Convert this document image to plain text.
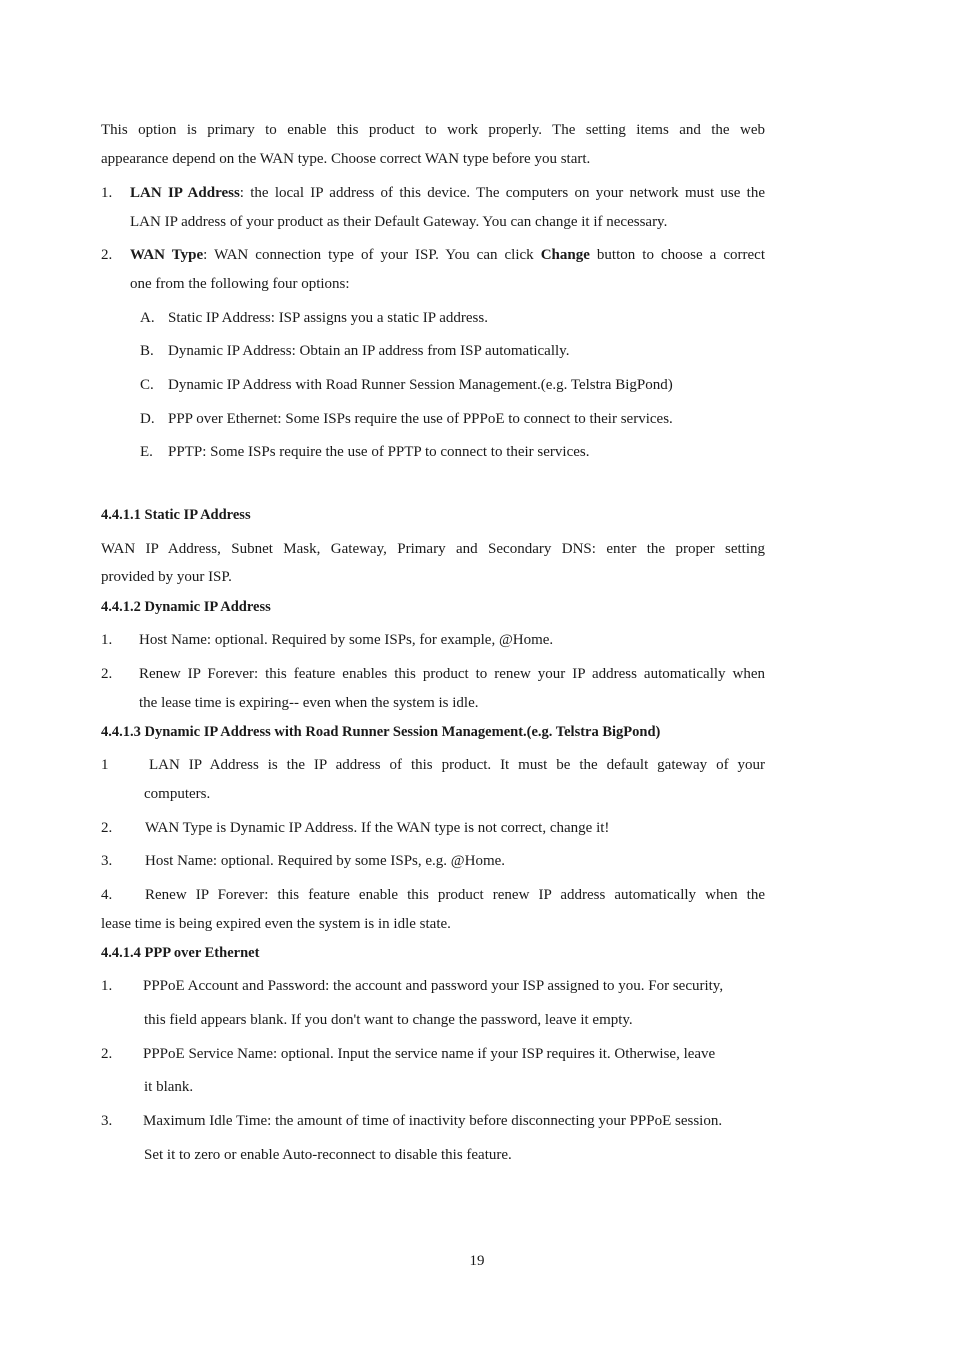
This option is primary to enable this product to work properly. The setting items and the web
appearance depend on the WAN type. Choose correct WAN type before you start.
1. LAN IP Address: the local IP address of this device. The computers on your network must use the
LAN IP address of your product as their Default Gateway. You can change it if necessary.
2. WAN Type: WAN connection type of your ISP. You can click Change button to choose a correct
one from the following four options:
A. Static IP Address: ISP assigns you a static IP address.
B. Dynamic IP Address: Obtain an IP address from ISP automatically.
C. Dynamic IP Address with Road Runner Session Management.(e.g. Telstra BigPond)
D. PPP over Ethernet: Some ISPs require the use of PPPoE to connect to their services.
E. PPTP: Some ISPs require the use of PPTP to connect to their services.
4.4.1.1 Static IP Address
WAN IP Address, Subnet Mask, Gateway, Primary and Secondary DNS: enter the proper setting
provided by your ISP.
4.4.1.2 Dynamic IP Address
1. Host Name: optional. Required by some ISPs, for example, @Home.
2. Renew IP Forever: this feature enables this product to renew your IP address automatically when
the lease time is expiring-- even when the system is idle.
4.4.1.3 Dynamic IP Address with Road Runner Session Management.(e.g. Telstra BigPond)
1	LAN IP Address is the IP address of this product. It must be the default gateway of your
computers.
2. WAN Type is Dynamic IP Address. If the WAN type is not correct, change it!
3. Host Name: optional. Required by some ISPs, e.g. @Home.
4. Renew IP Forever: this feature enable this product renew IP address automatically when the
lease time is being expired even the system is in idle state.
4.4.1.4 PPP over Ethernet
1. PPPoE Account and Password: the account and password your ISP assigned to you. For security,
this field appears blank. If you don't want to change the password, leave it empty.
2. PPPoE Service Name: optional. Input the service name if your ISP requires it. Otherwise, leave
it blank.
3. Maximum Idle Time: the amount of time of inactivity before disconnecting your PPPoE session.
Set it to zero or enable Auto-reconnect to disable this feature.
19
